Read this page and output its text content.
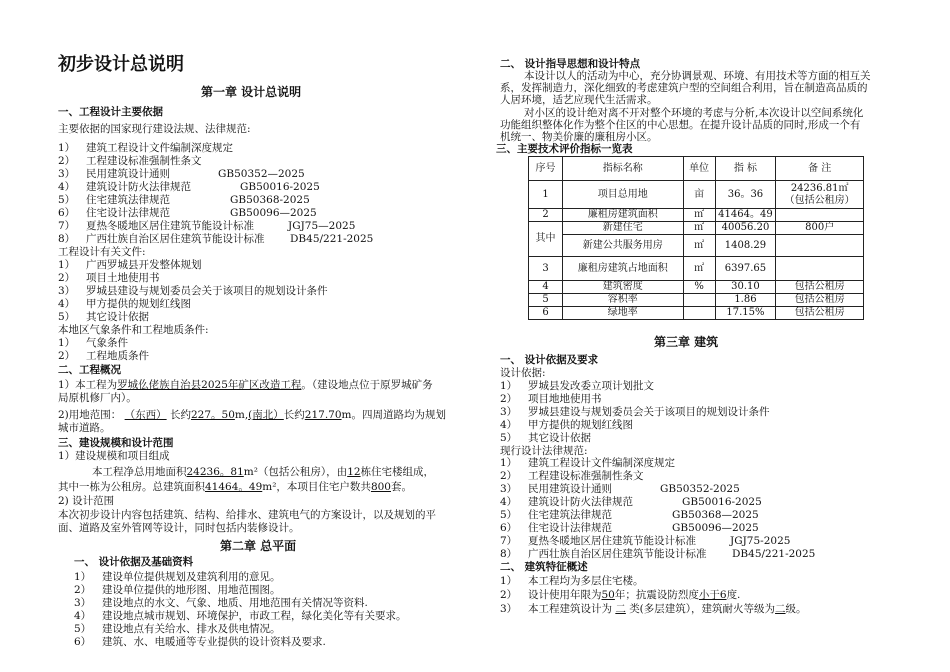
初步设计总说明
第一章 设计总说明
一、工程设计主要依据
主要依据的国家现行建设法规、法律规范:
1） 建筑工程设计文件编制深度规定
2） 工程建设标准强制性条文
3） 民用建筑设计通则	GB50352—2025
4） 建筑设计防火法律规范	GB50016-2025
5） 住宅建筑法律规范	GB50368-2025
6） 住宅设计法律规范	GB50096—2025
7） 夏热冬暖地区居住建筑节能设计标准	JGJ75—2025
8） 广西壮族自治区居住建筑节能设计标准 DB45/221-2025
工程设计有关文件:
1） 广西罗城县开发整体规划
2） 项目土地使用书
3） 罗城县建设与规划委员会关于该项目的规划设计条件
4） 甲方提供的规划红线图
5） 其它设计依据
本地区气象条件和工程地质条件:
1） 气象条件
2） 工程地质条件
二、工程概况
1）本工程为罗城仫佬族自治县2025年矿区改造工程。（建设地点位于原罗城矿务
局原机修厂内）。
2)用地范围： （东西） 长约227。50m,(南北）长约217.70m。四周道路均为规划
城市道路。
三、建设规模和设计范围
1）建设规模和项目组成
本工程净总用地面积24236。81m²（包括公租房），由12栋住宅楼组成，
其中一栋为公租房。总建筑面积41464。49m²，本项目住宅户数共800套。
2) 设计范围
本次初步设计内容包括建筑、结构、给排水、建筑电气的方案设计，以及规划的平
面、道路及室外管网等设计，同时包括内装修设计。
第二章 总平面
一、 设计依据及基础资料
1） 建设单位提供规划及建筑利用的意见。
2） 建设单位提供的地形图、用地范围图。
3） 建设地点的水文、气象、地质、用地范围有关情况等资料.
4） 建设地点城市规划、环境保护，市政工程，绿化美化等有关要求。
5） 建设地点有关给水、排水及供电情况。
6） 建筑、水、电暖通等专业提供的设计资料及要求.
二、 设计指导思想和设计特点
本设计以人的活动为中心，充分协调景观、环境、有用技术等方面的相互关
系，发挥制造力，深化细致的考虑建筑户型的空间组合利用，旨在制造高品质的
人居环境，适艺应现代生活需求。
对小区的设计绝对离不开对整个环境的考虑与分析,本次设计以空间系统化
功能组织整体化作为整个住区的中心思想。在提升设计品质的同时,形成一个有
机统一、物美价廉的廉租房小区。
三、主要技术评价指标一览表
序号	指标名称	单位	指 标	备 注
1	项目总用地	亩	36。36	24236.81㎡
（包括公租房）
2	廉租房建筑面积	㎡	41464。49	
其中	新建住宅	㎡	40056.20	800户
	新建公共服务用房	㎡	1408.29	
3	廉租房建筑占地面积	㎡	6397.65	
4	建筑密度	%	30.10	包括公租房
5	容积率		1.86	包括公租房
6	绿地率		17.15%	包括公租房
第三章 建筑
一、 设计依据及要求
设计依据:
1） 罗城县发改委立项计划批文
2） 项目地地使用书
3） 罗城县建设与规划委员会关于该项目的规划设计条件
4） 甲方提供的规划红线图
5） 其它设计依据
现行设计法律规范:
1） 建筑工程设计文件编制深度规定
2） 工程建设标准强制性条文
3） 民用建筑设计通则	GB50352-2025
4） 建筑设计防火法律规范	GB50016-2025
5） 住宅建筑法律规范	GB50368—2025
6） 住宅设计法律规范	GB50096—2025
7） 夏热冬暖地区居住建筑节能设计标准	JGJ75-2025
8） 广西壮族自治区居住建筑节能设计标准 DB45/221-2025
二、 建筑特征概述
1） 本工程均为多层住宅楼。
2） 设计使用年限为50年；抗震设防烈度小于6度.
3） 本工程建筑设计为 二 类(多层建筑），建筑耐火等级为二级。
